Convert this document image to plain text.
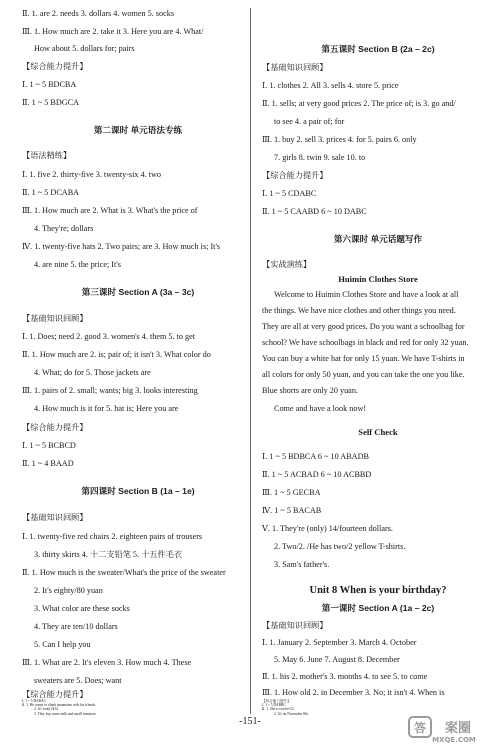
Ⅱ. 1. are 2. needs 3. dollars 4. women 5. socks
Ⅲ. 1. How much are 2. take it 3. Here you are 4. What/
How about 5. dollars for; pairs
【综合能力提升】
Ⅰ. 1 ~ 5 BDCBA
Ⅱ. 1 ~ 5 BDGCA
第二课时 单元语法专练
【语法精练】
Ⅰ. 1. five 2. thirty-five 3. twenty-six 4. two
Ⅱ. 1 ~ 5 DCABA
Ⅲ. 1. How much are 2. What is 3. What's the price of
4. They're; dollars
Ⅳ. 1. twenty-five hats 2. Two pairs; are 3. How much is; It's
4. are nine 5. the price; It's
第三课时 Section A (3a – 3c)
【基础知识回顾】
Ⅰ. 1. Does; need 2. good 3. women's 4. them 5. to get
Ⅱ. 1. How much are 2. is; pair of; it isn't 3. What color do
4. What; do for 5. Those jackets are
Ⅲ. 1. pairs of 2. small; wants; big 3. looks interesting
4. How much is it for 5. hat is; Here you are
【综合能力提升】
Ⅰ. 1 ~ 5 BCBCD
Ⅱ. 1 ~ 4 BAAD
第四课时 Section B (1a – 1e)
【基础知识回顾】
Ⅰ. 1. twenty-five red chairs 2. eighteen pairs of trousers
3. thirty skirts 4. 十二支铅笔 5. 十五件毛衣
Ⅱ. 1. How much is the sweater/What's the price of the sweater
2. It's eighty/80 yuan
3. What color are these socks
4. They are ten/10 dollars
5. Can I help you
Ⅲ. 1. What are 2. It's eleven 3. How much 4. These
sweaters are 5. Does; want
【综合能力提升】
Ⅰ. 1 ~ 5 DABAC
Ⅱ. 1. He wants to climb mountains with his friends.
2. It's (only) $12.
3. They buy some milk and small tomatoes.
第五课时 Section B (2a – 2c)
【基础知识回顾】
Ⅰ. 1. clothes 2. All 3. sells 4. store 5. price
Ⅱ. 1. sells; at very good prices 2. The price of; is 3. go and/
to see 4. a pair of; for
Ⅲ. 1. buy 2. sell 3. prices 4. for 5. pairs 6. only
7. girls 8. twin 9. sale 10. to
【综合能力提升】
Ⅰ. 1 ~ 5 CDABC
Ⅱ. 1 ~ 5 CAABD 6 ~ 10 DABC
第六课时 单元话题写作
【实战演练】
Huimin Clothes Store
Welcome to Huimin Clothes Store and have a look at all
the things. We have nice clothes and other things you need.
They are all at very good prices. Do you want a schoolbag for
school? We have schoolbags in black and red for only 32 yuan.
You can buy a white hat for only 15 yuan. We have T-shirts in
all colors for only 50 yuan, and you can take the one you like.
Blue shorts are only 20 yuan.
Come and have a look now!
Self Check
Ⅰ. 1 ~ 5 BDBCA 6 ~ 10 ABADB
Ⅱ. 1 ~ 5 ACBAD 6 ~ 10 ACBBD
Ⅲ. 1 ~ 5 GECBA
Ⅳ. 1 ~ 5 BACAB
Ⅴ. 1. They're (only) 14/fourteen dollars.
2. Two/2. /He has two/2 yellow T-shirts.
3. Sam's father's.
Unit 8 When is your birthday?
第一课时 Section A (1a – 2c)
【基础知识回顾】
Ⅰ. 1. January 2. September 3. March 4. October
5. May 6. June 7. August 8. December
Ⅱ. 1. his 2. mother's 3. months 4. to see 5. to come
Ⅲ. 1. How old 2. in December 3. No; it isn't 4. When is
【综合能力提升】
Ⅰ. 1 ~ 5 DABBC
Ⅱ. 1. She is twelve/12.
2. It's on November 8th.
-151-	答 案圈
MXQE.COM
